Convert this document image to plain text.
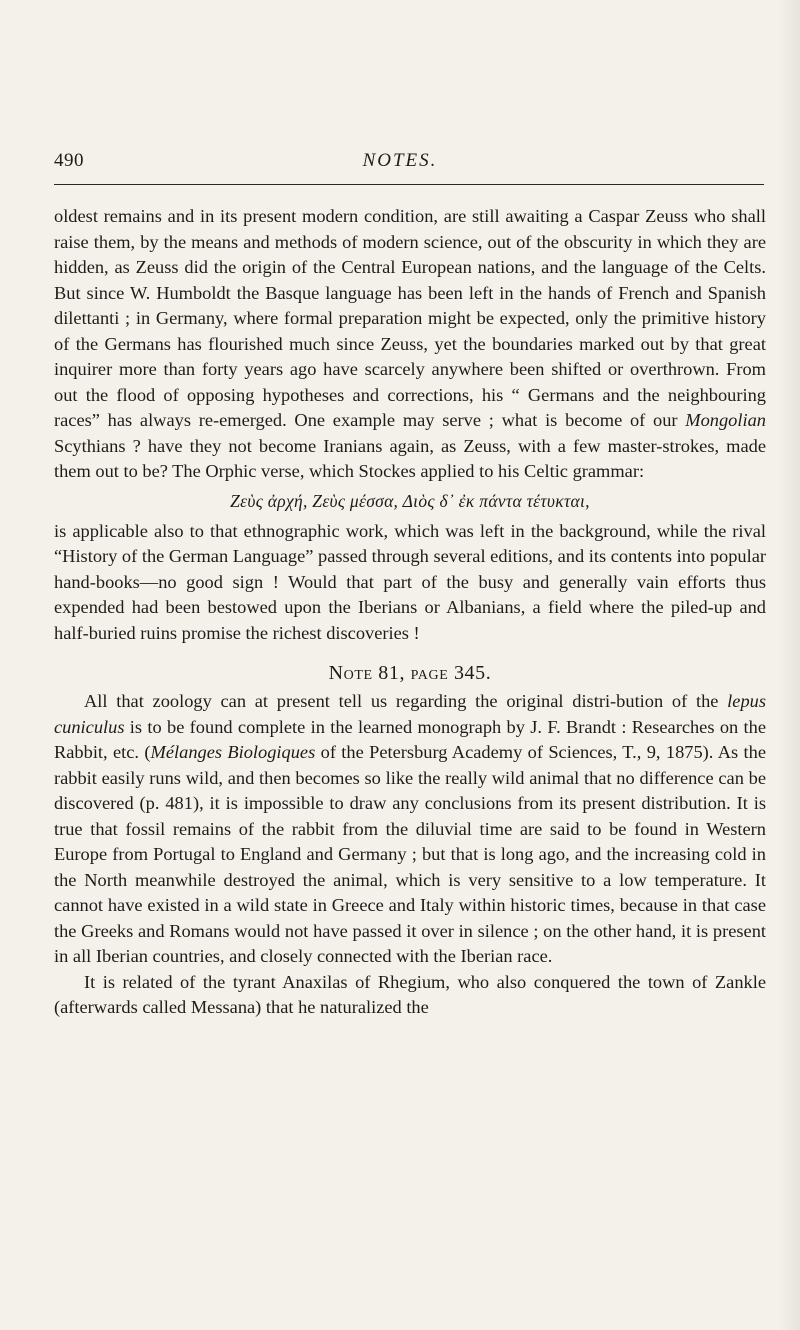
490	NOTES.

oldest remains and in its present modern condition, are still awaiting a Caspar Zeuss who shall raise them, by the means and methods of modern science, out of the obscurity in which they are hidden, as Zeuss did the origin of the Central European nations, and the language of the Celts. But since W. Humboldt the Basque language has been left in the hands of French and Spanish dilettanti ; in Germany, where formal preparation might be expected, only the primitive history of the Germans has flourished much since Zeuss, yet the boundaries marked out by that great inquirer more than forty years ago have scarcely anywhere been shifted or overthrown. From out the flood of opposing hypotheses and corrections, his “ Germans and the neighbouring races” has always re-emerged. One example may serve ; what is become of our Mongolian Scythians ? have they not become Iranians again, as Zeuss, with a few master-strokes, made them out to be? The Orphic verse, which Stockes applied to his Celtic grammar:

Ζεὺς ἀρχή, Ζεὺς μέσσα, Διὸς δ᾽ ἐκ πάντα τέτυκται,

is applicable also to that ethnographic work, which was left in the background, while the rival “History of the German Language” passed through several editions, and its contents into popular hand-books—no good sign ! Would that part of the busy and generally vain efforts thus expended had been bestowed upon the Iberians or Albanians, a field where the piled-up and half-buried ruins promise the richest discoveries !

Note 81, page 345.

All that zoology can at present tell us regarding the original distri-bution of the lepus cuniculus is to be found complete in the learned monograph by J. F. Brandt : Researches on the Rabbit, etc. (Mélanges Biologiques of the Petersburg Academy of Sciences, T., 9, 1875). As the rabbit easily runs wild, and then becomes so like the really wild animal that no difference can be discovered (p. 481), it is impossible to draw any conclusions from its present distribution. It is true that fossil remains of the rabbit from the diluvial time are said to be found in Western Europe from Portugal to England and Germany ; but that is long ago, and the increasing cold in the North meanwhile destroyed the animal, which is very sensitive to a low temperature. It cannot have existed in a wild state in Greece and Italy within historic times, because in that case the Greeks and Romans would not have passed it over in silence ; on the other hand, it is present in all Iberian countries, and closely connected with the Iberian race.

It is related of the tyrant Anaxilas of Rhegium, who also conquered the town of Zankle (afterwards called Messana) that he naturalized the
